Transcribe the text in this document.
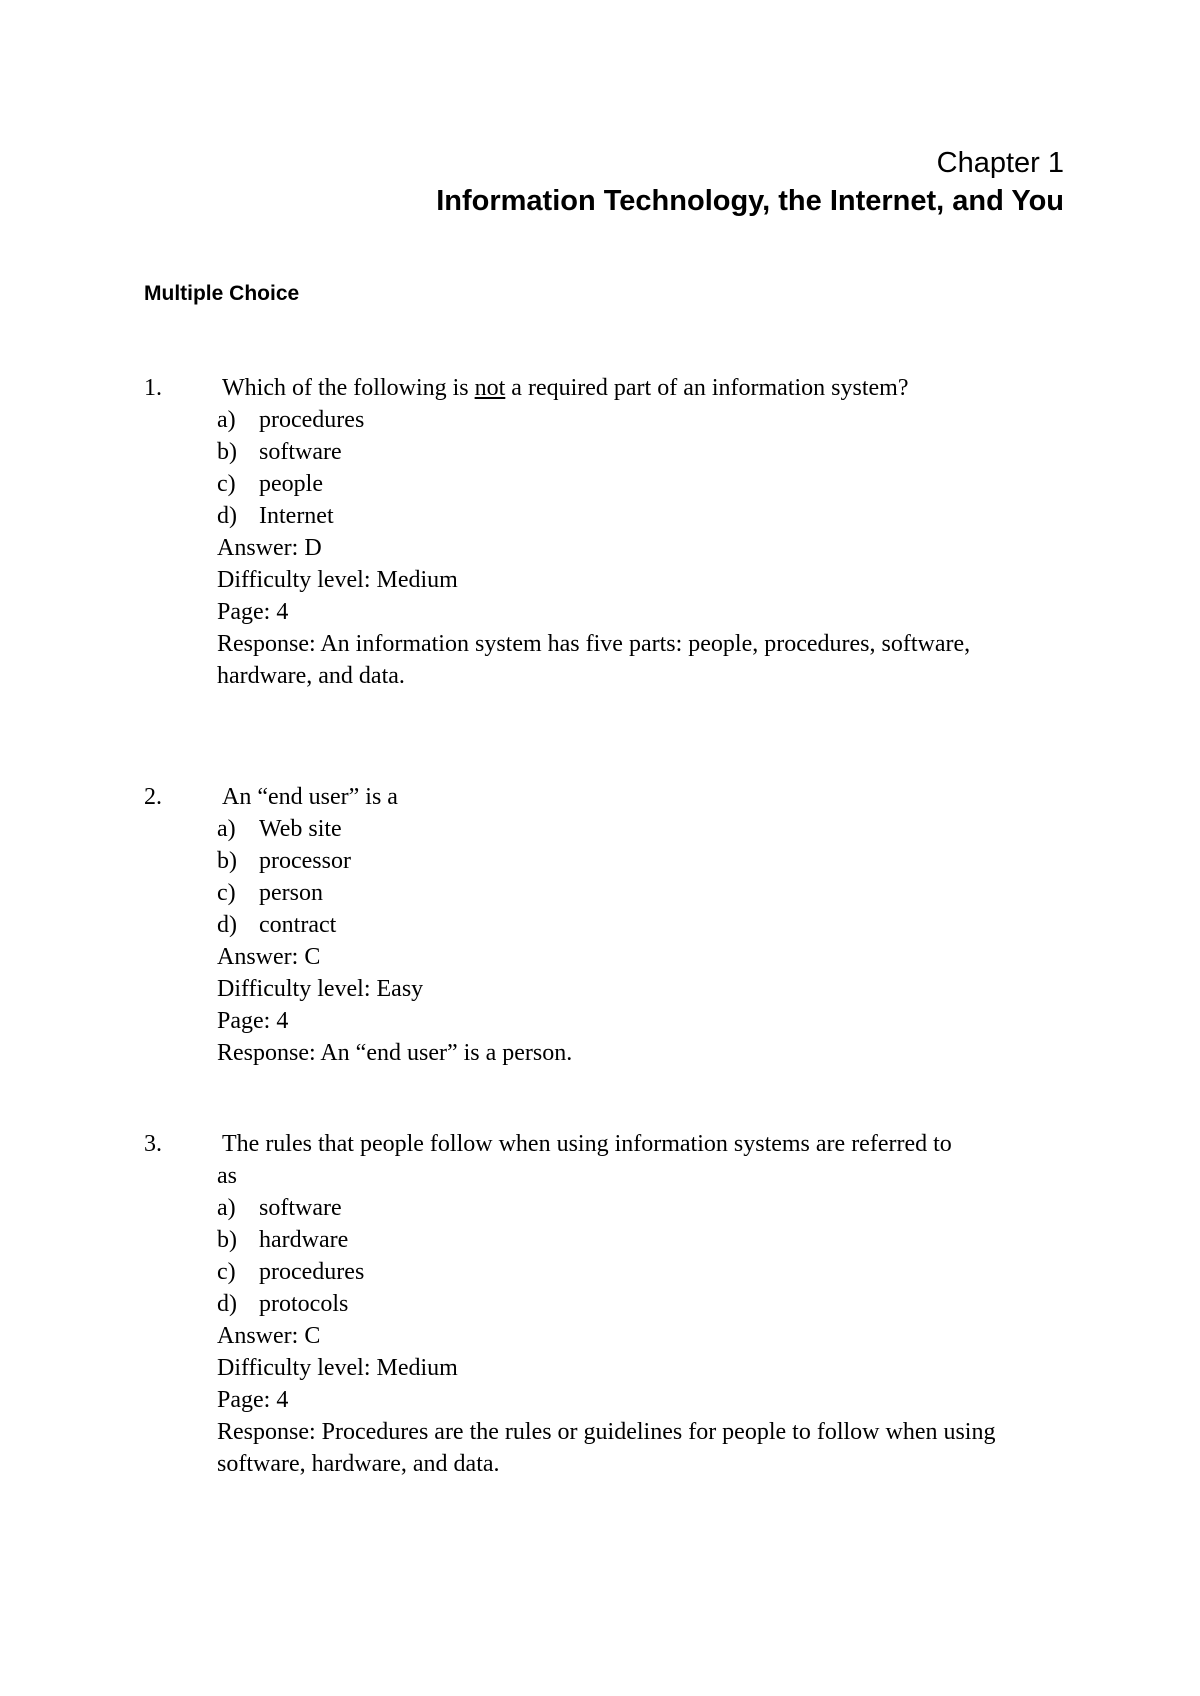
Chapter 1
Information Technology, the Internet, and You
Multiple Choice
1.	Which of the following is not a required part of an information system?
a) procedures
b) software
c) people
d) Internet
Answer: D
Difficulty level: Medium
Page: 4
Response: An information system has five parts: people, procedures, software, hardware, and data.
2.	An “end user” is a
a) Web site
b) processor
c) person
d) contract
Answer: C
Difficulty level: Easy
Page: 4
Response: An “end user” is a person.
3.	The rules that people follow when using information systems are referred to
as
a) software
b) hardware
c) procedures
d) protocols
Answer: C
Difficulty level: Medium
Page: 4
Response: Procedures are the rules or guidelines for people to follow when using software, hardware, and data.
